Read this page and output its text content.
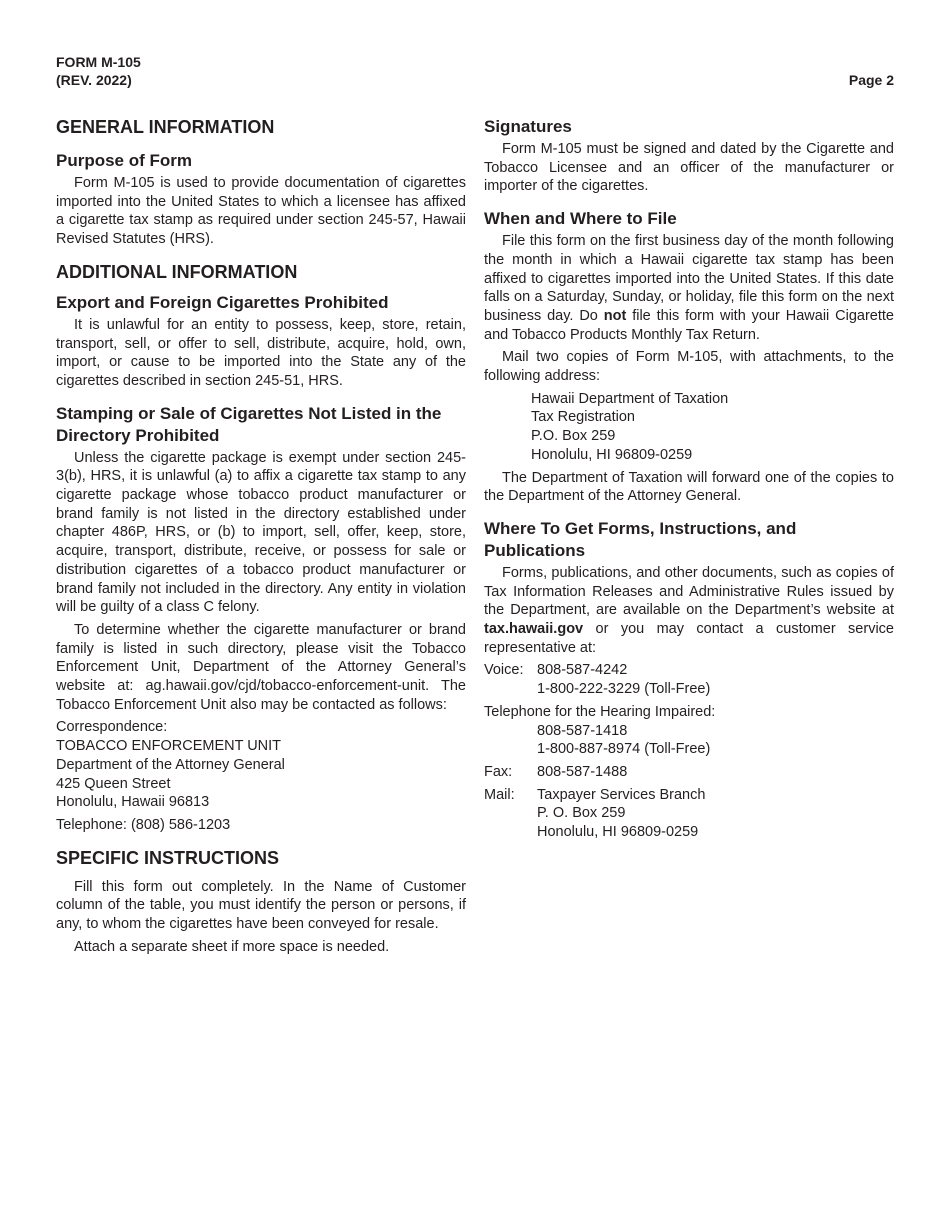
FORM M-105
(REV. 2022)	Page 2
GENERAL INFORMATION
Purpose of Form

Form M-105 is used to provide documentation of cigarettes imported into the United States to which a licensee has affixed a cigarette tax stamp as required under section 245-57, Hawaii Revised Statutes (HRS).

ADDITIONAL INFORMATION
Export and Foreign Cigarettes Prohibited

It is unlawful for an entity to possess, keep, store, retain, transport, sell, or offer to sell, distribute, acquire, hold, own, import, or cause to be imported into the State any of the cigarettes described in section 245-51, HRS.

Stamping or Sale of Cigarettes Not Listed in the Directory Prohibited

Unless the cigarette package is exempt under section 245-3(b), HRS, it is unlawful (a) to affix a cigarette tax stamp to any cigarette package whose tobacco product manufacturer or brand family is not listed in the directory established under chapter 486P, HRS, or (b) to import, sell, offer, keep, store, acquire, transport, distribute, receive, or possess for sale or distribution cigarettes of a tobacco product manufacturer or brand family not included in the directory. Any entity in violation will be guilty of a class C felony.

To determine whether the cigarette manufacturer or brand family is listed in such directory, please visit the Tobacco Enforcement Unit, Department of the Attorney General’s website at: ag.hawaii.gov/cjd/tobacco-enforcement-unit. The Tobacco Enforcement Unit also may be contacted as follows:

Correspondence:
TOBACCO ENFORCEMENT UNIT
Department of the Attorney General
425 Queen Street
Honolulu, Hawaii 96813
Telephone: (808) 586-1203
SPECIFIC INSTRUCTIONS

Fill this form out completely. In the Name of Customer column of the table, you must identify the person or persons, if any, to whom the cigarettes have been conveyed for resale.

Attach a separate sheet if more space is needed.

Signatures

Form M-105 must be signed and dated by the Cigarette and Tobacco Licensee and an officer of the manufacturer or importer of the cigarettes.

When and Where to File

File this form on the first business day of the month following the month in which a Hawaii cigarette tax stamp has been affixed to cigarettes imported into the United States. If this date falls on a Saturday, Sunday, or holiday, file this form on the next business day. Do not file this form with your Hawaii Cigarette and Tobacco Products Monthly Tax Return.

Mail two copies of Form M-105, with attachments, to the following address:

Hawaii Department of Taxation
Tax Registration
P.O. Box 259
Honolulu, HI 96809-0259

The Department of Taxation will forward one of the copies to the Department of the Attorney General.

Where To Get Forms, Instructions, and Publications

Forms, publications, and other documents, such as copies of Tax Information Releases and Administrative Rules issued by the Department, are available on the Department’s website at tax.hawaii.gov or you may contact a customer service representative at:

Voice: 808-587-4242
1-800-222-3229 (Toll-Free)
Telephone for the Hearing Impaired:
808-587-1418
1-800-887-8974 (Toll-Free)
Fax:	808-587-1488
Mail:	Taxpayer Services Branch
P. O. Box 259
Honolulu, HI 96809-0259
